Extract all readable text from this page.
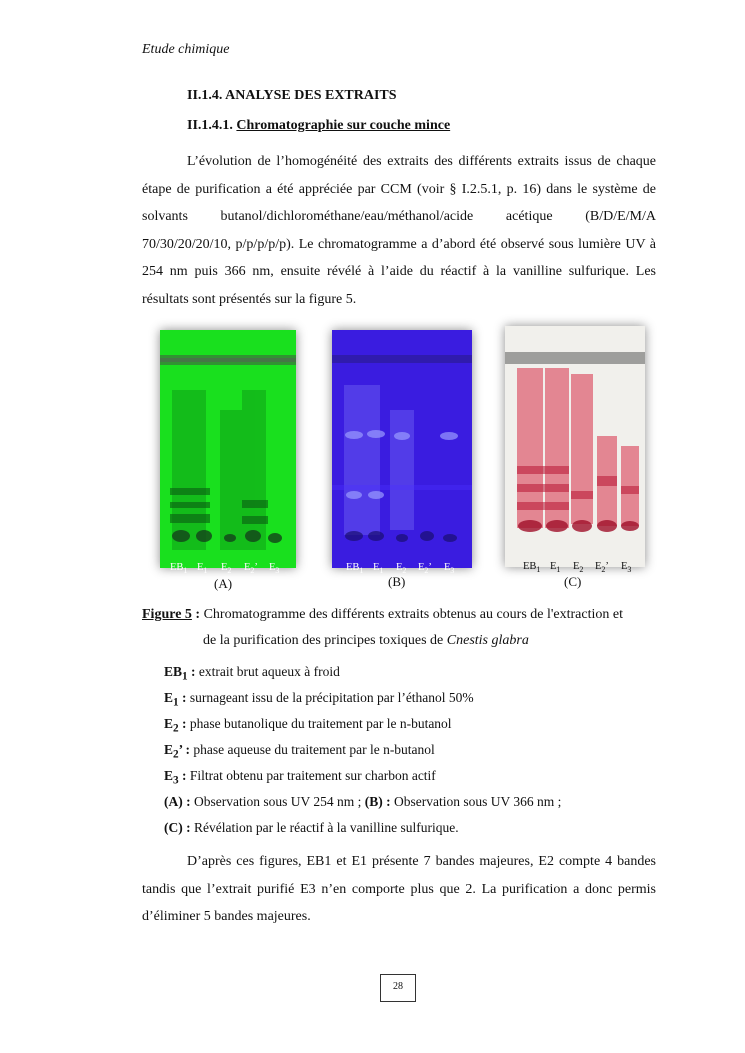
Etude chimique
II.1.4. ANALYSE DES EXTRAITS
II.1.4.1. Chromatographie sur couche mince
L’évolution de l’homogénéité des extraits des différents extraits issus de chaque étape de purification a été appréciée par CCM (voir § I.2.5.1, p. 16) dans le système de solvants butanol/dichlorométhane/eau/méthanol/acide acétique (B/D/E/M/A 70/30/20/20/10, p/p/p/p/p). Le chromatogramme a d’abord été observé sous lumière UV à 254 nm puis 366 nm, ensuite révélé à l’aide du réactif à la vanilline sulfurique. Les résultats sont présentés sur la figure 5.
$EB_1$ $E_1$ $E_2$ $E_2$’ $E_3$	$EB_1$ $E_1$ $E_2$ $E_2$’ $E_3$	$EB_1$ $E_1$ $E_2$ $E_2$’ $E_3$
(A)	(B)	(C)
Figure 5 : Chromatogramme des différents extraits obtenus au cours de l'extraction et
de la purification des principes toxiques de Cnestis glabra
$EB_1$ : extrait brut aqueux à froid
$E_1$ : surnageant issu de la précipitation par l’éthanol 50%
$E_2$ : phase butanolique du traitement par le n-butanol
$E_2$’ : phase aqueuse du traitement par le n-butanol
$E_3$ : Filtrat obtenu par traitement sur charbon actif
(A) : Observation sous UV 254 nm ; (B) : Observation sous UV 366 nm ;
(C) : Révélation par le réactif à la vanilline sulfurique.
D’après ces figures, EB1 et E1 présente 7 bandes majeures, E2 compte 4 bandes tandis que l’extrait purifié E3 n’en comporte plus que 2. La purification a donc permis d’éliminer 5 bandes majeures.
28
